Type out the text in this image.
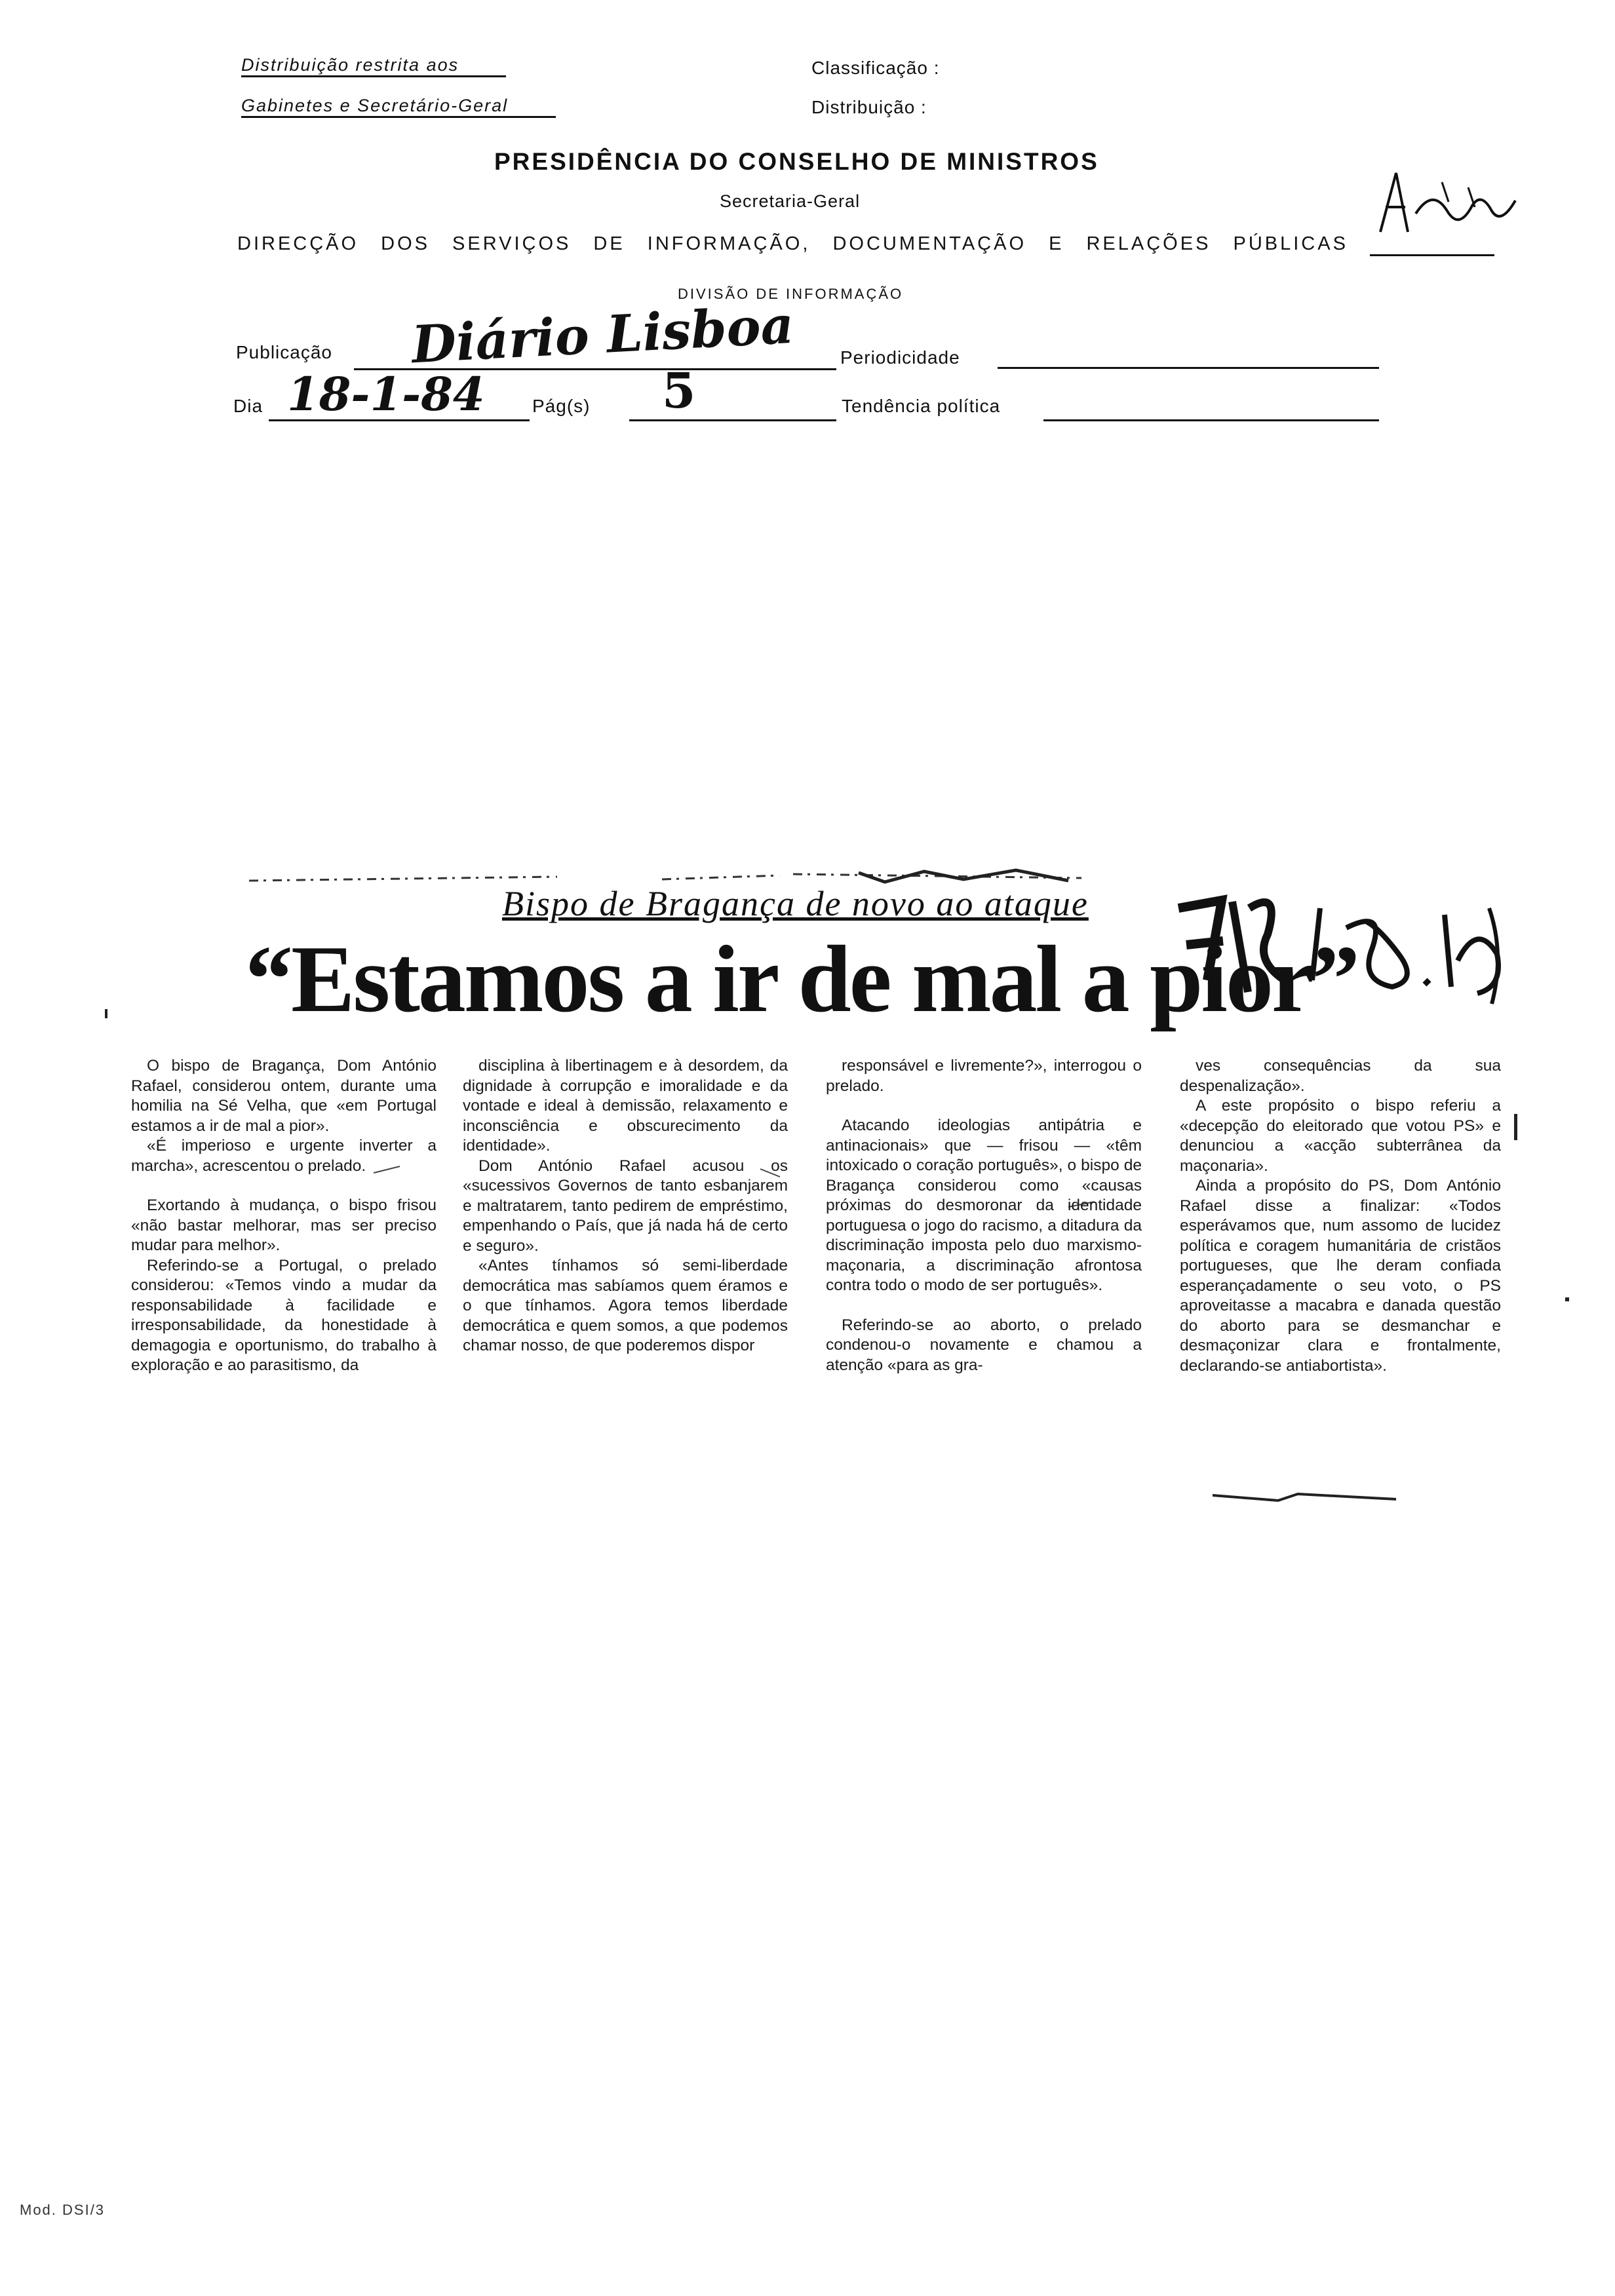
Distribuição restrita aos
Gabinetes e Secretário-Geral
Classificação :
Distribuição :
PRESIDÊNCIA DO CONSELHO DE MINISTROS
Secretaria-Geral
DIRECÇÃO DOS SERVIÇOS DE INFORMAÇÃO, DOCUMENTAÇÃO E RELAÇÕES PÚBLICAS
DIVISÃO DE INFORMAÇÃO
Publicação Diário Lisboa Periodicidade
Dia 18-1-84	Pág(s) 5	Tendência política
Bispo de Bragança de novo ao ataque
“Estamos a ir de mal a pior”

O bispo de Bragança, Dom António Rafael, considerou ontem, durante uma homilia na Sé Velha, que «em Portugal estamos a ir de mal a pior».

«É imperioso e urgente inverter a marcha», acrescentou o prelado.

Exortando à mudança, o bispo frisou «não bastar melhorar, mas ser preciso mudar para melhor».

Referindo-se a Portugal, o prelado considerou: «Temos vindo a mudar da responsabilidade à facilidade e irresponsabilidade, da honestidade à demagogia e oportunismo, do trabalho à exploração e ao parasitismo, da

disciplina à libertinagem e à desordem, da dignidade à corrupção e imoralidade e da vontade e ideal à demissão, relaxamento e inconsciência e obscurecimento da identidade».

Dom António Rafael acusou os «sucessivos Governos de tanto esbanjarem e maltratarem, tanto pedirem de empréstimo, empenhando o País, que já nada há de certo e seguro».

«Antes tínhamos só semi-liberdade democrática mas sabíamos quem éramos e o que tínhamos. Agora temos liberdade democrática e quem somos, a que podemos chamar nosso, de que poderemos dispor

responsável e livremente?», interrogou o prelado.

Atacando ideologias antipátria e antinacionais» que — frisou — «têm intoxicado o coração português», o bispo de Bragança considerou como «causas próximas do desmoronar da identidade portuguesa o jogo do racismo, a ditadura da discriminação imposta pelo duo marxismo-maçonaria, a discriminação afrontosa contra todo o modo de ser português».

Referindo-se ao aborto, o prelado condenou-o novamente e chamou a atenção «para as gra-

ves consequências da sua despenalização».

A este propósito o bispo referiu a «decepção do eleitorado que votou PS» e denunciou a «acção subterrânea da maçonaria».

Ainda a propósito do PS, Dom António Rafael disse a finalizar: «Todos esperávamos que, num assomo de lucidez política e coragem humanitária de cristãos portugueses, que lhe deram confiada esperançadamente o seu voto, o PS aproveitasse a macabra e danada questão do aborto para se desmanchar e desmaçonizar clara e frontalmente, declarando-se antiabortista».

Mod. DSI/3
